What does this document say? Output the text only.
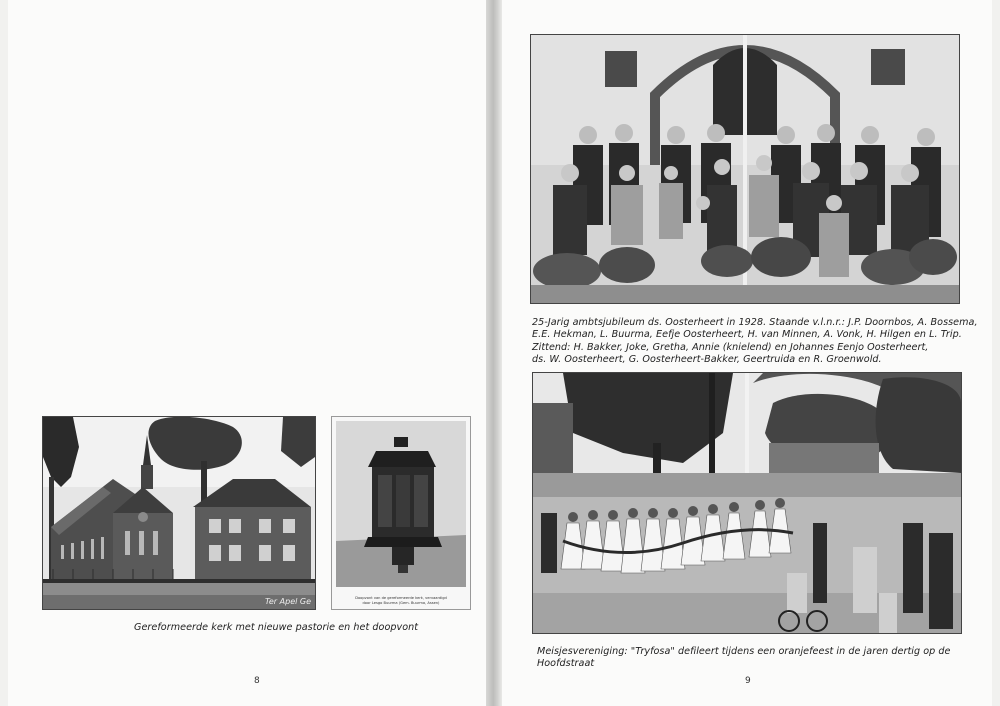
Ter Apel Ge	Doopvont van de gereformeerde kerk, vervaardigd door Lesgo Buurma (Gem. Buurma, Assen)
Gereformeerde kerk met nieuwe pastorie en het doopvont
8
25-Jarig ambtsjubileum ds. Oosterheert in 1928. Staande v.l.n.r.: J.P. Doornbos, A. Bossema,
E.E. Hekman, L. Buurma, Eefje Oosterheert, H. van Minnen, A. Vonk, H. Hilgen en L. Trip.
Zittend: H. Bakker, Joke, Gretha, Annie (knielend) en Johannes Eenjo Oosterheert,
ds. W. Oosterheert, G. Oosterheert-Bakker, Geertruida en R. Groenwold.
Meisjesvereniging: "Tryfosa" defileert tijdens een oranjefeest in de jaren dertig op de Hoofdstraat
9
